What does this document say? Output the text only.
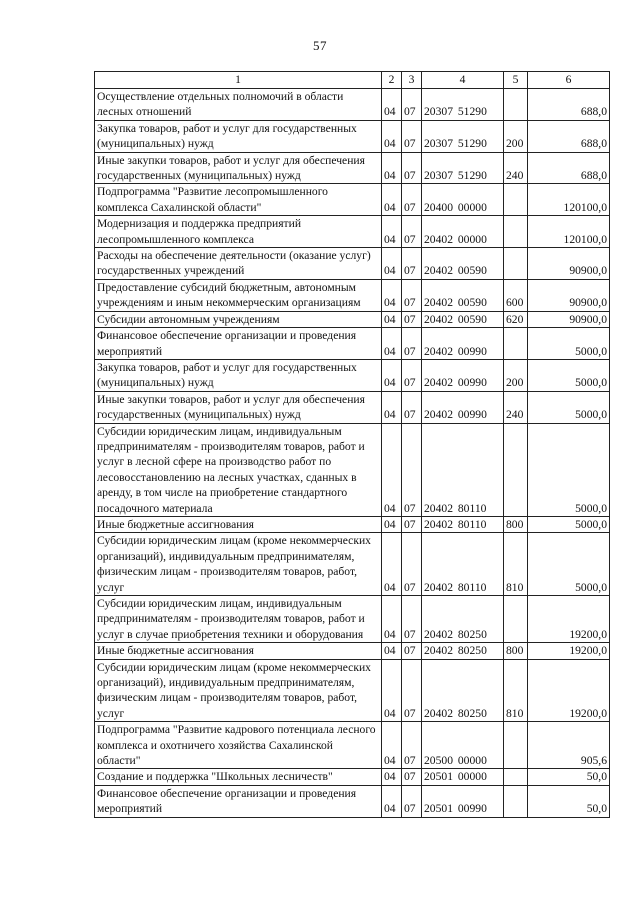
57
1	2	3	4	5	6
Осуществление отдельных полномочий в области лесных отношений	04	07	20307 51290		688,0
Закупка товаров, работ и услуг для государственных (муниципальных) нужд	04	07	20307 51290	200	688,0
Иные закупки товаров, работ и услуг для обеспечения государственных (муниципальных) нужд	04	07	20307 51290	240	688,0
Подпрограмма "Развитие лесопромышленного комплекса Сахалинской области"	04	07	20400 00000		120100,0
Модернизация и поддержка предприятий лесопромышленного комплекса	04	07	20402 00000		120100,0
Расходы на обеспечение деятельности (оказание услуг) государственных учреждений	04	07	20402 00590		90900,0
Предоставление субсидий бюджетным, автономным учреждениям и иным некоммерческим организациям	04	07	20402 00590	600	90900,0
Субсидии автономным учреждениям	04	07	20402 00590	620	90900,0
Финансовое обеспечение организации и проведения мероприятий	04	07	20402 00990		5000,0
Закупка товаров, работ и услуг для государственных (муниципальных) нужд	04	07	20402 00990	200	5000,0
Иные закупки товаров, работ и услуг для обеспечения государственных (муниципальных) нужд	04	07	20402 00990	240	5000,0
Субсидии юридическим лицам, индивидуальным предпринимателям - производителям товаров, работ и услуг в лесной сфере на производство работ по лесовосстановлению на лесных участках, сданных в аренду, в том числе на приобретение стандартного посадочного материала	04	07	20402 80110		5000,0
Иные бюджетные ассигнования	04	07	20402 80110	800	5000,0
Субсидии юридическим лицам (кроме некоммерческих организаций), индивидуальным предпринимателям, физическим лицам - производителям товаров, работ, услуг	04	07	20402 80110	810	5000,0
Субсидии юридическим лицам, индивидуальным предпринимателям - производителям товаров, работ и услуг в случае приобретения техники и оборудования	04	07	20402 80250		19200,0
Иные бюджетные ассигнования	04	07	20402 80250	800	19200,0
Субсидии юридическим лицам (кроме некоммерческих организаций), индивидуальным предпринимателям, физическим лицам - производителям товаров, работ, услуг	04	07	20402 80250	810	19200,0
Подпрограмма "Развитие кадрового потенциала лесного комплекса и охотничего хозяйства Сахалинской области"	04	07	20500 00000		905,6
Создание и поддержка "Школьных лесничеств"	04	07	20501 00000		50,0
Финансовое обеспечение организации и проведения мероприятий	04	07	20501 00990		50,0
